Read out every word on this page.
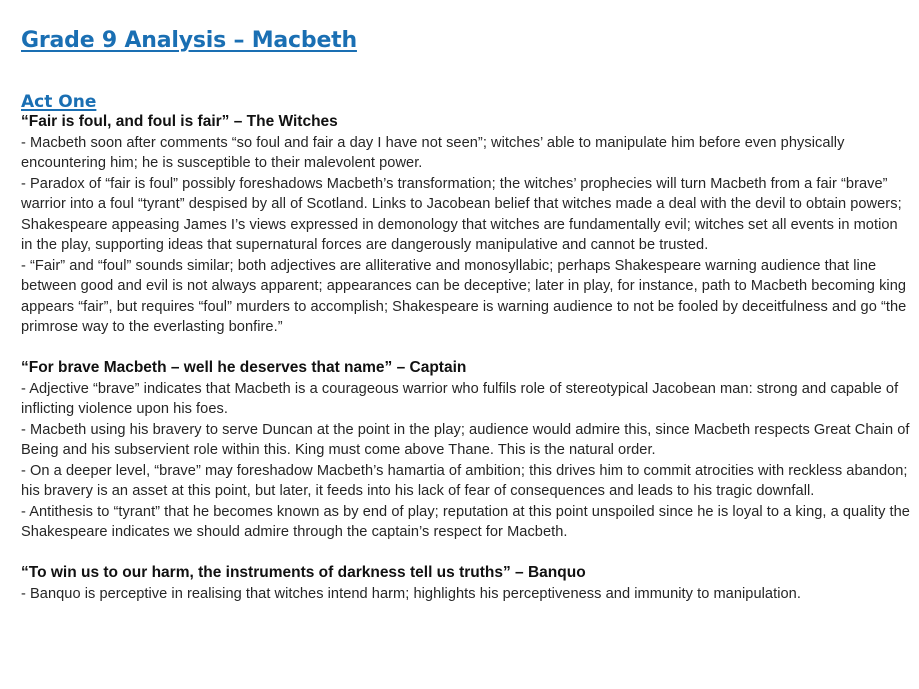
Grade 9 Analysis – Macbeth
Act One

“Fair is foul, and foul is fair” – The Witches

- Macbeth soon after comments “so foul and fair a day I have not seen”; witches’ able to manipulate him before even physically encountering him; he is susceptible to their malevolent power.

- Paradox of “fair is foul” possibly foreshadows Macbeth’s transformation; the witches’ prophecies will turn Macbeth from a fair “brave” warrior into a foul “tyrant” despised by all of Scotland. Links to Jacobean belief that witches made a deal with the devil to obtain powers; Shakespeare appeasing James I’s views expressed in demonology that witches are fundamentally evil; witches set all events in motion in the play, supporting ideas that supernatural forces are dangerously manipulative and cannot be trusted.

- “Fair” and “foul” sounds similar; both adjectives are alliterative and monosyllabic; perhaps Shakespeare warning audience that line between good and evil is not always apparent; appearances can be deceptive; later in play, for instance, path to Macbeth becoming king appears “fair”, but requires “foul” murders to accomplish; Shakespeare is warning audience to not be fooled by deceitfulness and go “the primrose way to the everlasting bonfire.”

“For brave Macbeth – well he deserves that name” – Captain

- Adjective “brave” indicates that Macbeth is a courageous warrior who fulfils role of stereotypical Jacobean man: strong and capable of inflicting violence upon his foes.

- Macbeth using his bravery to serve Duncan at the point in the play; audience would admire this, since Macbeth respects Great Chain of Being and his subservient role within this. King must come above Thane. This is the natural order.

- On a deeper level, “brave” may foreshadow Macbeth’s hamartia of ambition; this drives him to commit atrocities with reckless abandon; his bravery is an asset at this point, but later, it feeds into his lack of fear of consequences and leads to his tragic downfall.

- Antithesis to “tyrant” that he becomes known as by end of play; reputation at this point unspoiled since he is loyal to a king, a quality the Shakespeare indicates we should admire through the captain’s respect for Macbeth.

“To win us to our harm, the instruments of darkness tell us truths” – Banquo

- Banquo is perceptive in realising that witches intend harm; highlights his perceptiveness and immunity to manipulation.
